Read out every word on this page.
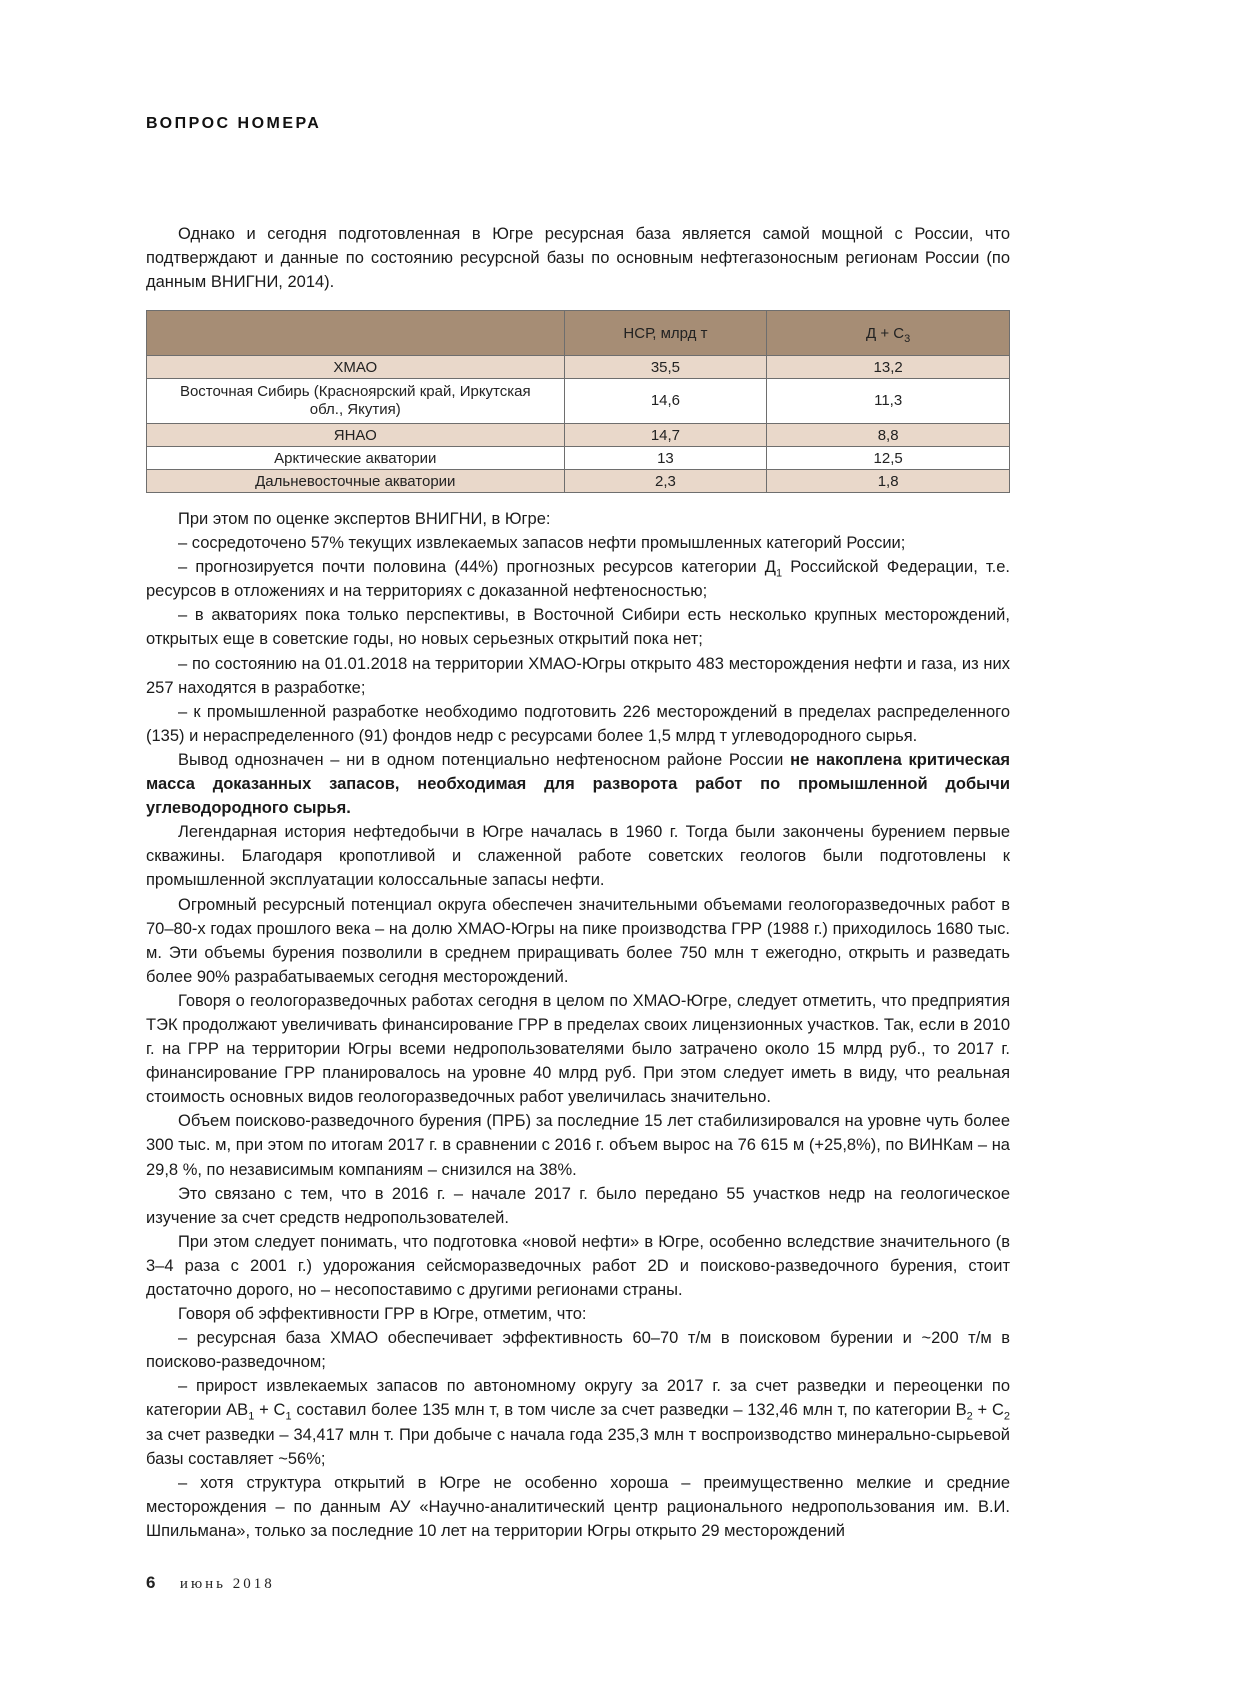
ВОПРОС НОМЕРА

Однако и сегодня подготовленная в Югре ресурсная база является самой мощной с России, что подтверждают и данные по состоянию ресурсной базы по основным нефтегазоносным регионам России (по данным ВНИГНИ, 2014).

	НСР, млрд т	$Д + С_3$
ХМАО	35,5	13,2
Восточная Сибирь (Красноярский край, Иркутская обл., Якутия)	14,6	11,3
ЯНАО	14,7	8,8
Арктические акватории	13	12,5
Дальневосточные акватории	2,3	1,8

При этом по оценке экспертов ВНИГНИ, в Югре:

– сосредоточено 57% текущих извлекаемых запасов нефти промышленных категорий России;

– прогнозируется почти половина (44%) прогнозных ресурсов категории $Д_1$ Российской Федерации, т.е. ресурсов в отложениях и на территориях с доказанной нефтеносностью;

– в акваториях пока только перспективы, в Восточной Сибири есть несколько крупных месторождений, открытых еще в советские годы, но новых серьезных открытий пока нет;

– по состоянию на 01.01.2018 на территории ХМАО-Югры открыто 483 месторождения нефти и газа, из них 257 находятся в разработке;

– к промышленной разработке необходимо подготовить 226 месторождений в пределах распределенного (135) и нераспределенного (91) фондов недр с ресурсами более 1,5 млрд т углеводородного сырья.

Вывод однозначен – ни в одном потенциально нефтеносном районе России не накоплена критическая масса доказанных запасов, необходимая для разворота работ по промышленной добычи углеводородного сырья.

Легендарная история нефтедобычи в Югре началась в 1960 г. Тогда были закончены бурением первые скважины. Благодаря кропотливой и слаженной работе советских геологов были подготовлены к промышленной эксплуатации колоссальные запасы нефти.

Огромный ресурсный потенциал округа обеспечен значительными объемами геологоразведочных работ в 70–80-х годах прошлого века – на долю ХМАО-Югры на пике производства ГРР (1988 г.) приходилось 1680 тыс. м. Эти объемы бурения позволили в среднем приращивать более 750 млн т ежегодно, открыть и разведать более 90% разрабатываемых сегодня месторождений.

Говоря о геологоразведочных работах сегодня в целом по ХМАО-Югре, следует отметить, что предприятия ТЭК продолжают увеличивать финансирование ГРР в пределах своих лицензионных участков. Так, если в 2010 г. на ГРР на территории Югры всеми недропользователями было затрачено около 15 млрд руб., то 2017 г. финансирование ГРР планировалось на уровне 40 млрд руб. При этом следует иметь в виду, что реальная стоимость основных видов геологоразведочных работ увеличилась значительно.

Объем поисково-разведочного бурения (ПРБ) за последние 15 лет стабилизировался на уровне чуть более 300 тыс. м, при этом по итогам 2017 г. в сравнении с 2016 г. объем вырос на 76 615 м (+25,8%), по ВИНКам – на 29,8 %, по независимым компаниям – снизился на 38%.

Это связано с тем, что в 2016 г. – начале 2017 г. было передано 55 участков недр на геологическое изучение за счет средств недропользователей.

При этом следует понимать, что подготовка «новой нефти» в Югре, особенно вследствие значительного (в 3–4 раза с 2001 г.) удорожания сейсморазведочных работ 2D и поисково-разведочного бурения, стоит достаточно дорого, но – несопоставимо с другими регионами страны.

Говоря об эффективности ГРР в Югре, отметим, что:

– ресурсная база ХМАО обеспечивает эффективность 60–70 т/м в поисковом бурении и ~200 т/м в поисково-разведочном;

– прирост извлекаемых запасов по автономному округу за 2017 г. за счет разведки и переоценки по категории $АВ_1 + С_1$ составил более 135 млн т, в том числе за счет разведки – 132,46 млн т, по категории $В_2 + С_2$ за счет разведки – 34,417 млн т. При добыче с начала года 235,3 млн т воспроизводство минерально-сырьевой базы составляет ~56%;

– хотя структура открытий в Югре не особенно хороша – преимущественно мелкие и средние месторождения – по данным АУ «Научно-аналитический центр рационального недропользования им. В.И. Шпильмана», только за последние 10 лет на территории Югры открыто 29 месторождений

6 июнь 2018
